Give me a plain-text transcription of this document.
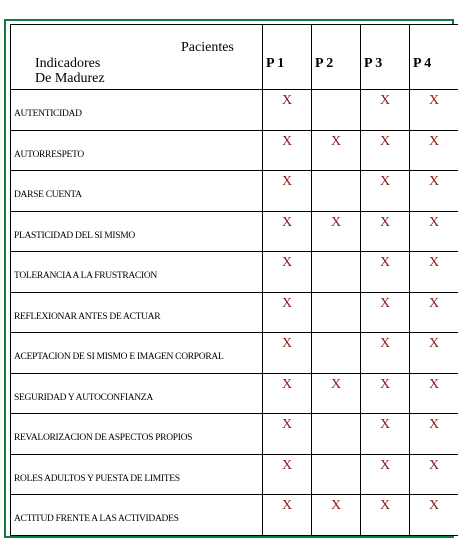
Pacientes
Indicadores
De Madurez	P 1	P 2	P 3	P 4
AUTENTICIDAD	X		X	X
AUTORRESPETO	X	X	X	X
DARSE CUENTA	X		X	X
PLASTICIDAD DEL SI MISMO	X	X	X	X
TOLERANCIA A LA FRUSTRACION	X		X	X
REFLEXIONAR ANTES DE ACTUAR	X		X	X
ACEPTACION DE SI MISMO E IMAGEN CORPORAL	X		X	X
SEGURIDAD Y AUTOCONFIANZA	X	X	X	X
REVALORIZACION DE ASPECTOS PROPIOS	X		X	X
ROLES ADULTOS Y PUESTA DE LIMITES	X		X	X
ACTITUD FRENTE A LAS ACTIVIDADES	X	X	X	X
